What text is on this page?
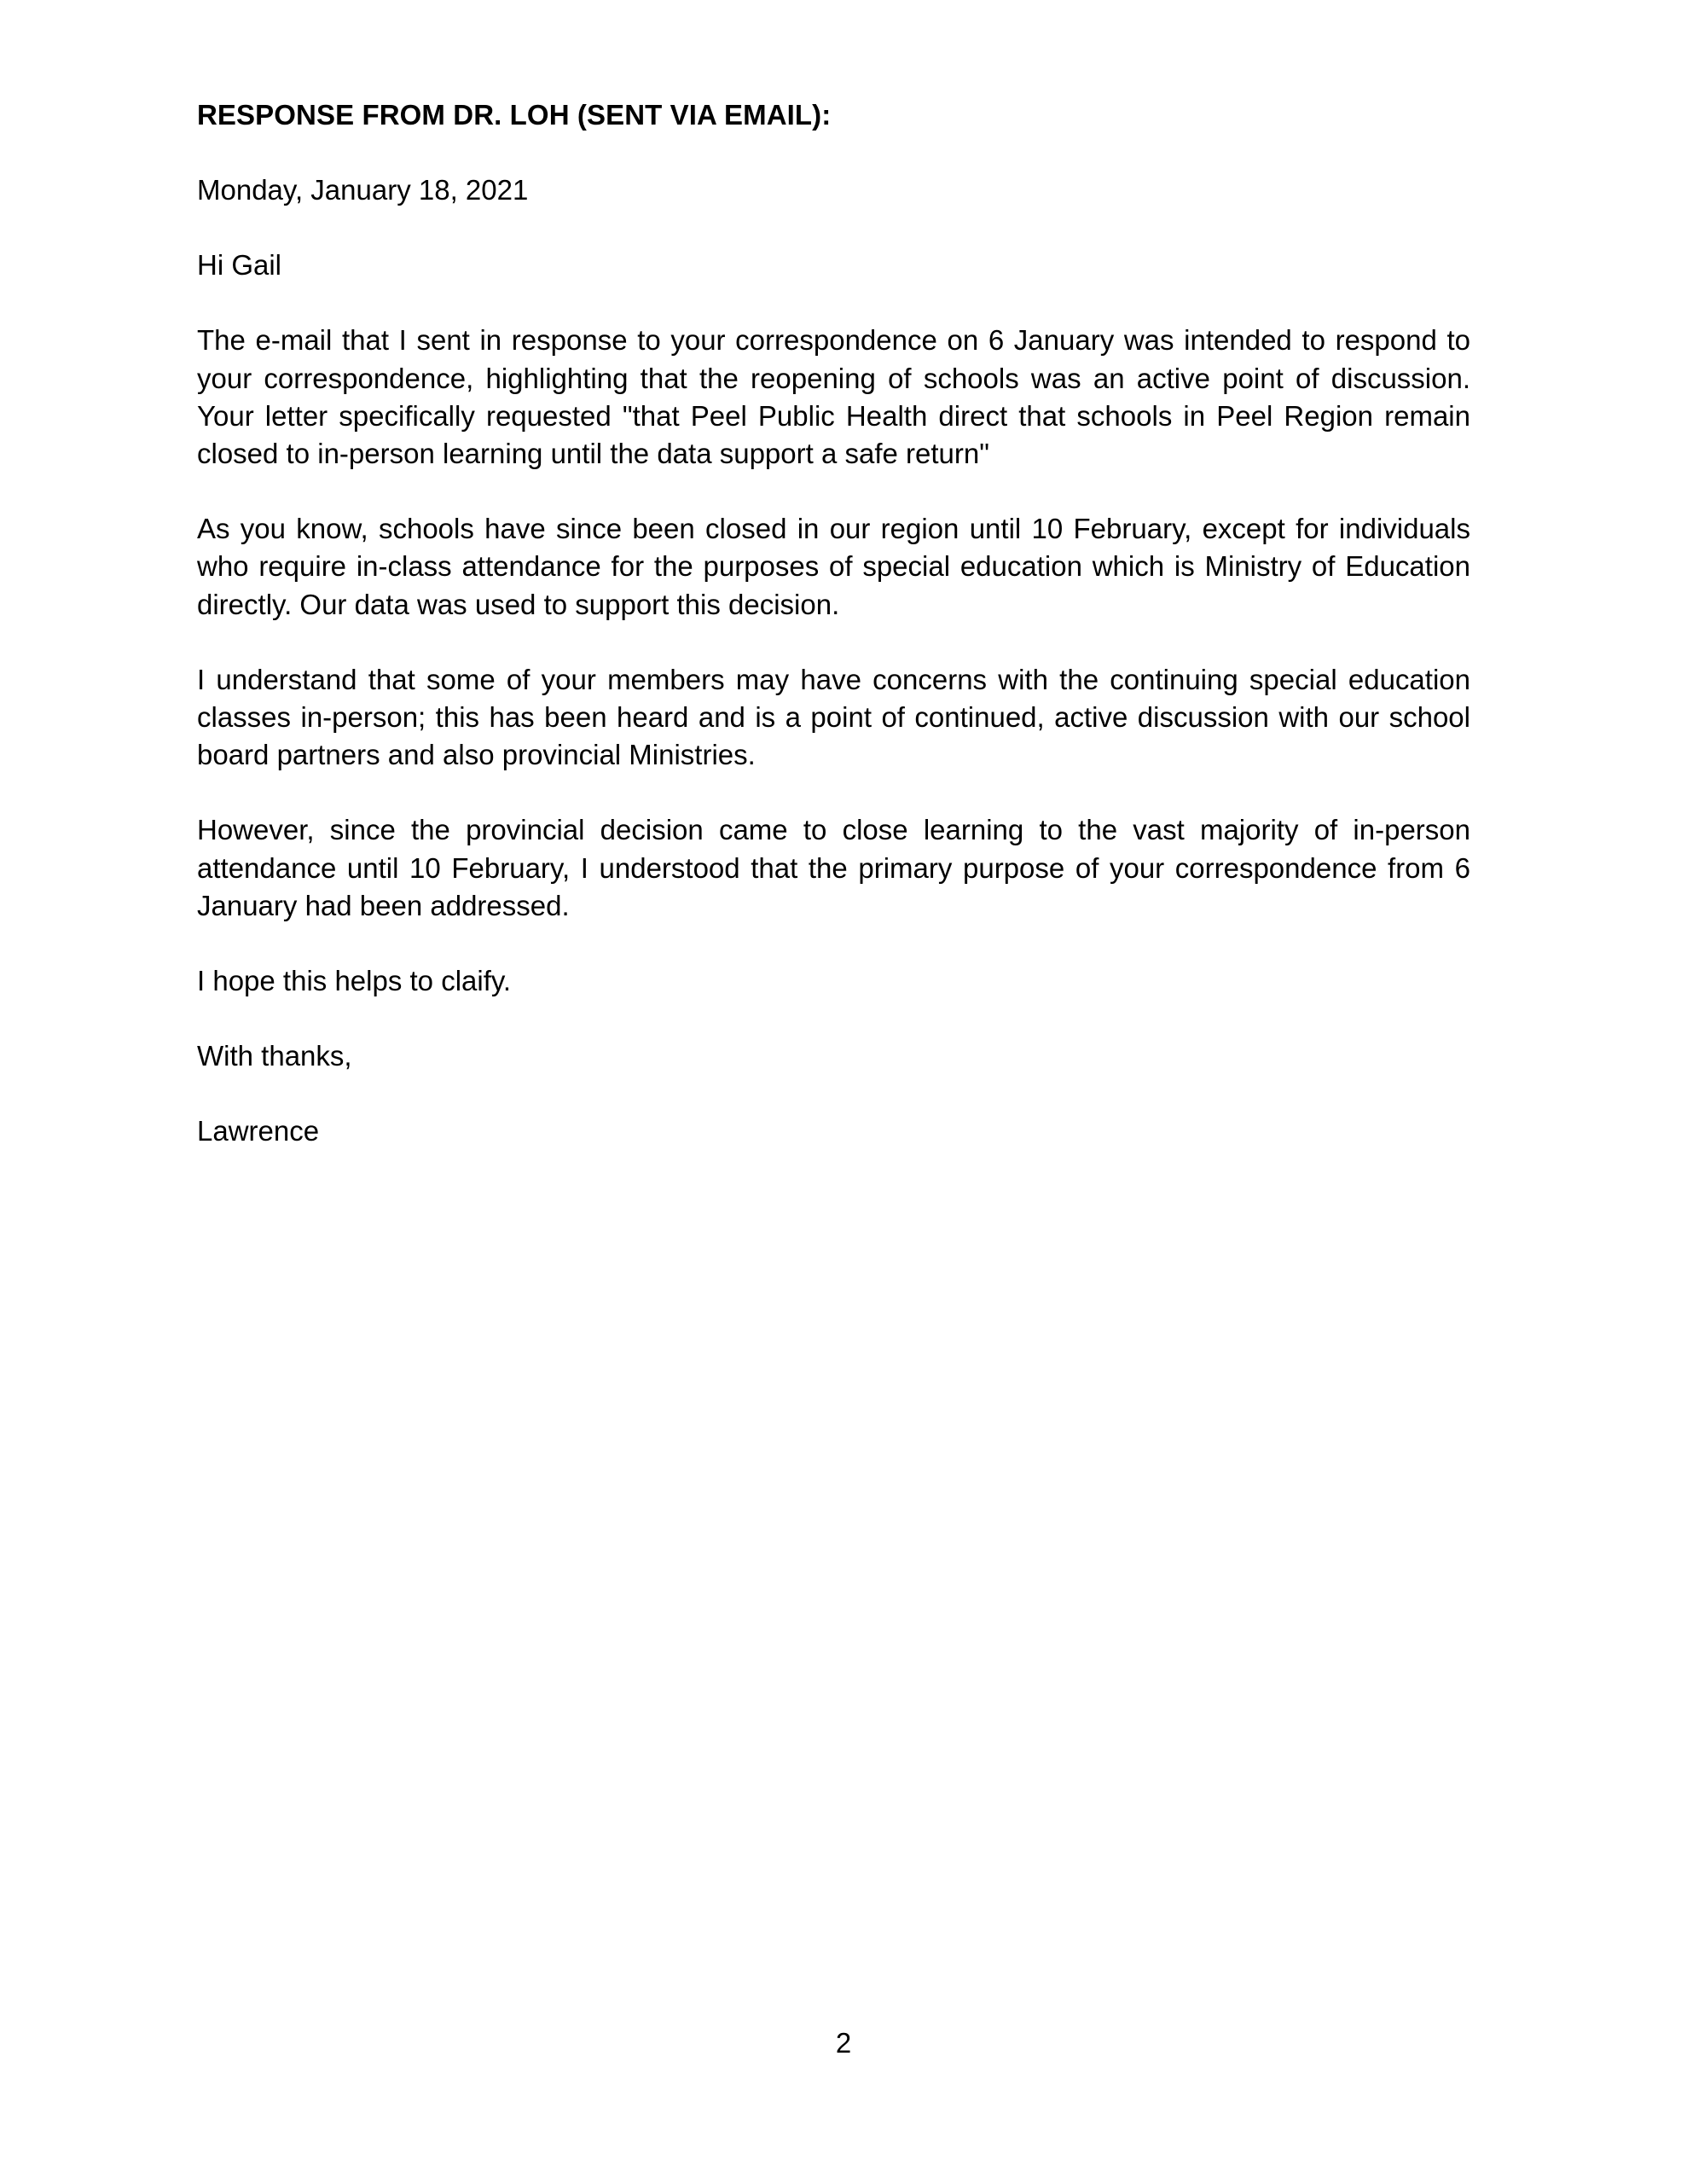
RESPONSE FROM DR. LOH (SENT VIA EMAIL):

Monday, January 18, 2021

Hi Gail

The e-mail that I sent in response to your correspondence on 6 January was intended to respond to your correspondence, highlighting that the reopening of schools was an active point of discussion. Your letter specifically requested "that Peel Public Health direct that schools in Peel Region remain closed to in-person learning until the data support a safe return"

As you know, schools have since been closed in our region until 10 February, except for individuals who require in-class attendance for the purposes of special education which is Ministry of Education directly. Our data was used to support this decision.

I understand that some of your members may have concerns with the continuing special education classes in-person; this has been heard and is a point of continued, active discussion with our school board partners and also provincial Ministries.

However, since the provincial decision came to close learning to the vast majority of in-person attendance until 10 February, I understood that the primary purpose of your correspondence from 6 January had been addressed.

I hope this helps to claify.

With thanks,

Lawrence

2
